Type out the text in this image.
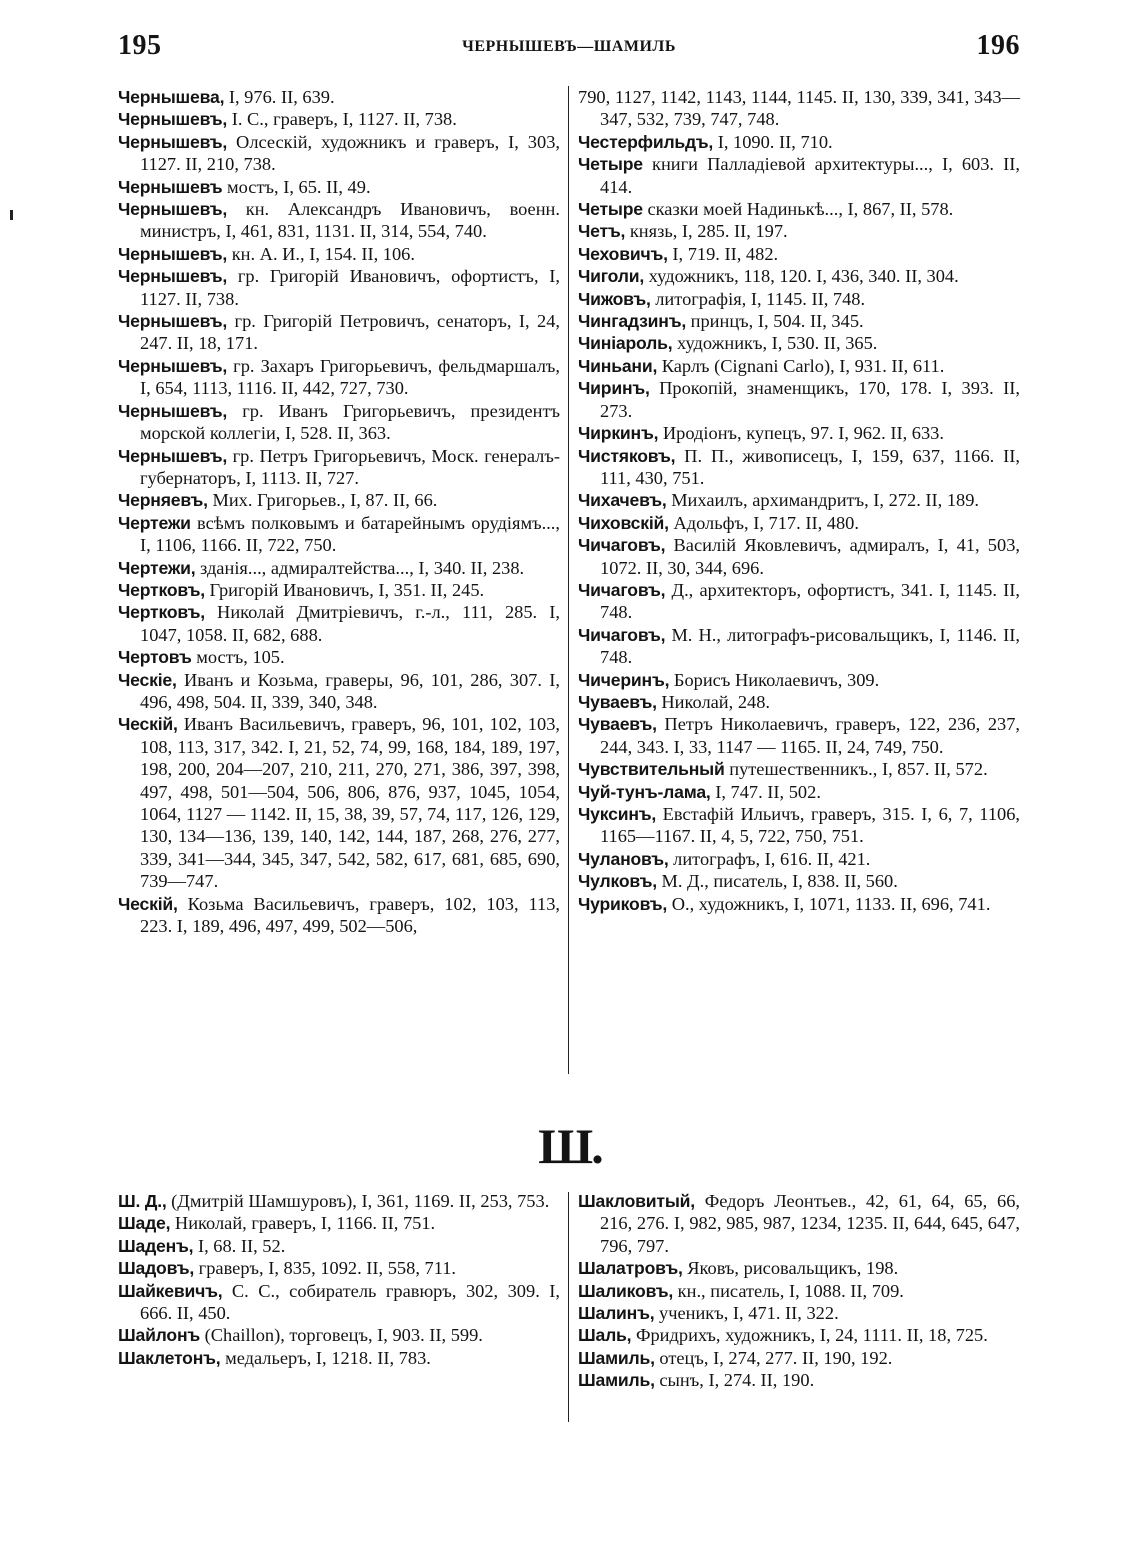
195	ЧЕРНЫШЕВЪ—ШАМИЛЬ	196

Чернышева, I, 976. II, 639.

Чернышевъ, I. C., граверъ, I, 1127. II, 738.

Чернышевъ, Олсескій, художникъ и граверъ, I, 303, 1127. II, 210, 738.

Чернышевъ мостъ, I, 65. II, 49.

Чернышевъ, кн. Александръ Ивановичъ, военн. министръ, I, 461, 831, 1131. II, 314, 554, 740.

Чернышевъ, кн. А. И., I, 154. II, 106.

Чернышевъ, гр. Григорій Ивановичъ, офортистъ, I, 1127. II, 738.

Чернышевъ, гр. Григорій Петровичъ, сенаторъ, I, 24, 247. II, 18, 171.

Чернышевъ, гр. Захаръ Григорьевичъ, фельдмаршалъ, I, 654, 1113, 1116. II, 442, 727, 730.

Чернышевъ, гр. Иванъ Григорьевичъ, президентъ морской коллегіи, I, 528. II, 363.

Чернышевъ, гр. Петръ Григорьевичъ, Моск. генералъ-губернаторъ, I, 1113. II, 727.

Черняевъ, Мих. Григорьев., I, 87. II, 66.

Чертежи всѣмъ полковымъ и батарейнымъ орудіямъ..., I, 1106, 1166. II, 722, 750.

Чертежи, зданія..., адмиралтейства..., I, 340. II, 238.

Чертковъ, Григорій Ивановичъ, I, 351. II, 245.

Чертковъ, Николай Дмитріевичъ, г.-л., 111, 285. I, 1047, 1058. II, 682, 688.

Чертовъ мостъ, 105.

Ческіе, Иванъ и Козьма, граверы, 96, 101, 286, 307. I, 496, 498, 504. II, 339, 340, 348.

Ческій, Иванъ Васильевичъ, граверъ, 96, 101, 102, 103, 108, 113, 317, 342. I, 21, 52, 74, 99, 168, 184, 189, 197, 198, 200, 204—207, 210, 211, 270, 271, 386, 397, 398, 497, 498, 501—504, 506, 806, 876, 937, 1045, 1054, 1064, 1127 — 1142. II, 15, 38, 39, 57, 74, 117, 126, 129, 130, 134—136, 139, 140, 142, 144, 187, 268, 276, 277, 339, 341—344, 345, 347, 542, 582, 617, 681, 685, 690, 739—747.

Ческій, Козьма Васильевичъ, граверъ, 102, 103, 113, 223. I, 189, 496, 497, 499, 502—506,

790, 1127, 1142, 1143, 1144, 1145. II, 130, 339, 341, 343—347, 532, 739, 747, 748.

Честерфильдъ, I, 1090. II, 710.

Четыре книги Палладіевой архитектуры..., I, 603. II, 414.

Четыре сказки моей Надинькѣ..., I, 867, II, 578.

Четъ, князь, I, 285. II, 197.

Чеховичъ, I, 719. II, 482.

Чиголи, художникъ, 118, 120. I, 436, 340. II, 304.

Чижовъ, литографія, I, 1145. II, 748.

Чингадзинъ, принцъ, I, 504. II, 345.

Чиніароль, художникъ, I, 530. II, 365.

Чиньани, Карлъ (Cignani Carlo), I, 931. II, 611.

Чиринъ, Прокопій, знаменщикъ, 170, 178. I, 393. II, 273.

Чиркинъ, Иродіонъ, купецъ, 97. I, 962. II, 633.

Чистяковъ, П. П., живописецъ, I, 159, 637, 1166. II, 111, 430, 751.

Чихачевъ, Михаилъ, архимандритъ, I, 272. II, 189.

Чиховскій, Адольфъ, I, 717. II, 480.

Чичаговъ, Василій Яковлевичъ, адмиралъ, I, 41, 503, 1072. II, 30, 344, 696.

Чичаговъ, Д., архитекторъ, офортистъ, 341. I, 1145. II, 748.

Чичаговъ, М. Н., литографъ-рисовальщикъ, I, 1146. II, 748.

Чичеринъ, Борисъ Николаевичъ, 309.

Чуваевъ, Николай, 248.

Чуваевъ, Петръ Николаевичъ, граверъ, 122, 236, 237, 244, 343. I, 33, 1147 — 1165. II, 24, 749, 750.

Чувствительный путешественникъ., I, 857. II, 572.

Чуй-тунъ-лама, I, 747. II, 502.

Чуксинъ, Евстафій Ильичъ, граверъ, 315. I, 6, 7, 1106, 1165—1167. II, 4, 5, 722, 750, 751.

Чулановъ, литографъ, I, 616. II, 421.

Чулковъ, М. Д., писатель, I, 838. II, 560.

Чуриковъ, О., художникъ, I, 1071, 1133. II, 696, 741.

Ш.

Ш. Д., (Дмитрій Шамшуровъ), I, 361, 1169. II, 253, 753.

Шаде, Николай, граверъ, I, 1166. II, 751.

Шаденъ, I, 68. II, 52.

Шадовъ, граверъ, I, 835, 1092. II, 558, 711.

Шайкевичъ, С. С., собиратель гравюръ, 302, 309. I, 666. II, 450.

Шайлонъ (Chaillon), торговецъ, I, 903. II, 599.

Шаклетонъ, медальеръ, I, 1218. II, 783.

Шакловитый, Федоръ Леонтьев., 42, 61, 64, 65, 66, 216, 276. I, 982, 985, 987, 1234, 1235. II, 644, 645, 647, 796, 797.

Шалатровъ, Яковъ, рисовальщикъ, 198.

Шаликовъ, кн., писатель, I, 1088. II, 709.

Шалинъ, ученикъ, I, 471. II, 322.

Шаль, Фридрихъ, художникъ, I, 24, 1111. II, 18, 725.

Шамиль, отецъ, I, 274, 277. II, 190, 192.

Шамиль, сынъ, I, 274. II, 190.
